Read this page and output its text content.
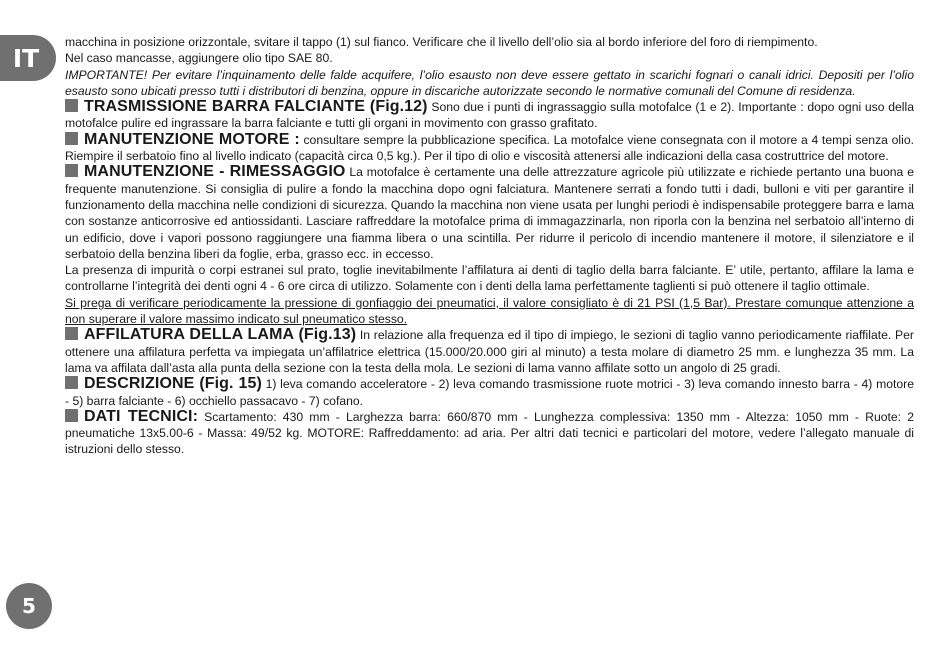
IT
5

macchina in posizione orizzontale, svitare il tappo (1) sul fianco. Verificare che il livello dell’olio sia al bordo inferiore del foro di riempimento.

Nel caso mancasse, aggiungere olio tipo SAE 80.

IMPORTANTE! Per evitare l’inquinamento delle falde acquifere, l’olio esausto non deve essere gettato in scarichi fognari o canali idrici. Depositi per l’olio esausto sono ubicati presso tutti i distributori di benzina, oppure in discariche autorizzate secondo le normative comunali del Comune di residenza.

TRASMISSIONE BARRA FALCIANTE (Fig.12) Sono due i punti di ingrassaggio sulla motofalce (1 e 2). Importante : dopo ogni uso della motofalce pulire ed ingrassare la barra falciante e tutti gli organi in movimento con grasso grafitato.

MANUTENZIONE MOTORE : consultare sempre la pubblicazione specifica. La motofalce viene consegnata con il motore a 4 tempi senza olio. Riempire il serbatoio fino al livello indicato (capacità circa 0,5 kg.). Per il tipo di olio e viscosità attenersi alle indicazioni della casa costruttrice del motore.

MANUTENZIONE - RIMESSAGGIO La motofalce è certamente una delle attrezzature agricole più utilizzate e richiede pertanto una buona e frequente manutenzione. Si consiglia di pulire a fondo la macchina dopo ogni falciatura. Mantenere serrati a fondo tutti i dadi, bulloni e viti per garantire il funzionamento della macchina nelle condizioni di sicurezza. Quando la macchina non viene usata per lunghi periodi è indispensabile proteggere barra e lama con sostanze anticorrosive ed antiossidanti. Lasciare raffreddare la motofalce prima di immagazzinarla, non riporla con la benzina nel serbatoio all’interno di un edificio, dove i vapori possono raggiungere una fiamma libera o una scintilla. Per ridurre il pericolo di incendio mantenere il motore, il silenziatore e il serbatoio della benzina liberi da foglie, erba, grasso ecc. in eccesso.

La presenza di impurità o corpi estranei sul prato, toglie inevitabilmente l’affilatura ai denti di taglio della barra falciante. E’ utile, pertanto, affilare la lama e controllarne l’integrità dei denti ogni 4 - 6 ore circa di utilizzo. Solamente con i denti della lama perfettamente taglienti si può ottenere il taglio ottimale.

Si prega di verificare periodicamente la pressione di gonfiaggio dei pneumatici, il valore consigliato è di 21 PSI (1,5 Bar). Prestare comunque attenzione a non superare il valore massimo indicato sul pneumatico stesso.

AFFILATURA DELLA LAMA (Fig.13) In relazione alla frequenza ed il tipo di impiego, le sezioni di taglio vanno periodicamente riaffilate. Per ottenere una affilatura perfetta va impiegata un’affilatrice elettrica (15.000/20.000 giri al minuto) a testa molare di diametro 25 mm. e lunghezza 35 mm. La lama va affilata dall’asta alla punta della sezione con la testa della mola. Le sezioni di lama vanno affilate sotto un angolo di 25 gradi.

DESCRIZIONE (Fig. 15) 1) leva comando acceleratore - 2) leva comando trasmissione ruote motrici - 3) leva comando innesto barra - 4) motore - 5) barra falciante - 6) occhiello passacavo - 7) cofano.

DATI TECNICI: Scartamento: 430 mm - Larghezza barra: 660/870 mm - Lunghezza complessiva: 1350 mm - Altezza: 1050 mm - Ruote: 2 pneumatiche 13x5.00-6 - Massa: 49/52 kg. MOTORE: Raffreddamento: ad aria. Per altri dati tecnici e particolari del motore, vedere l’allegato manuale di istruzioni dello stesso.
